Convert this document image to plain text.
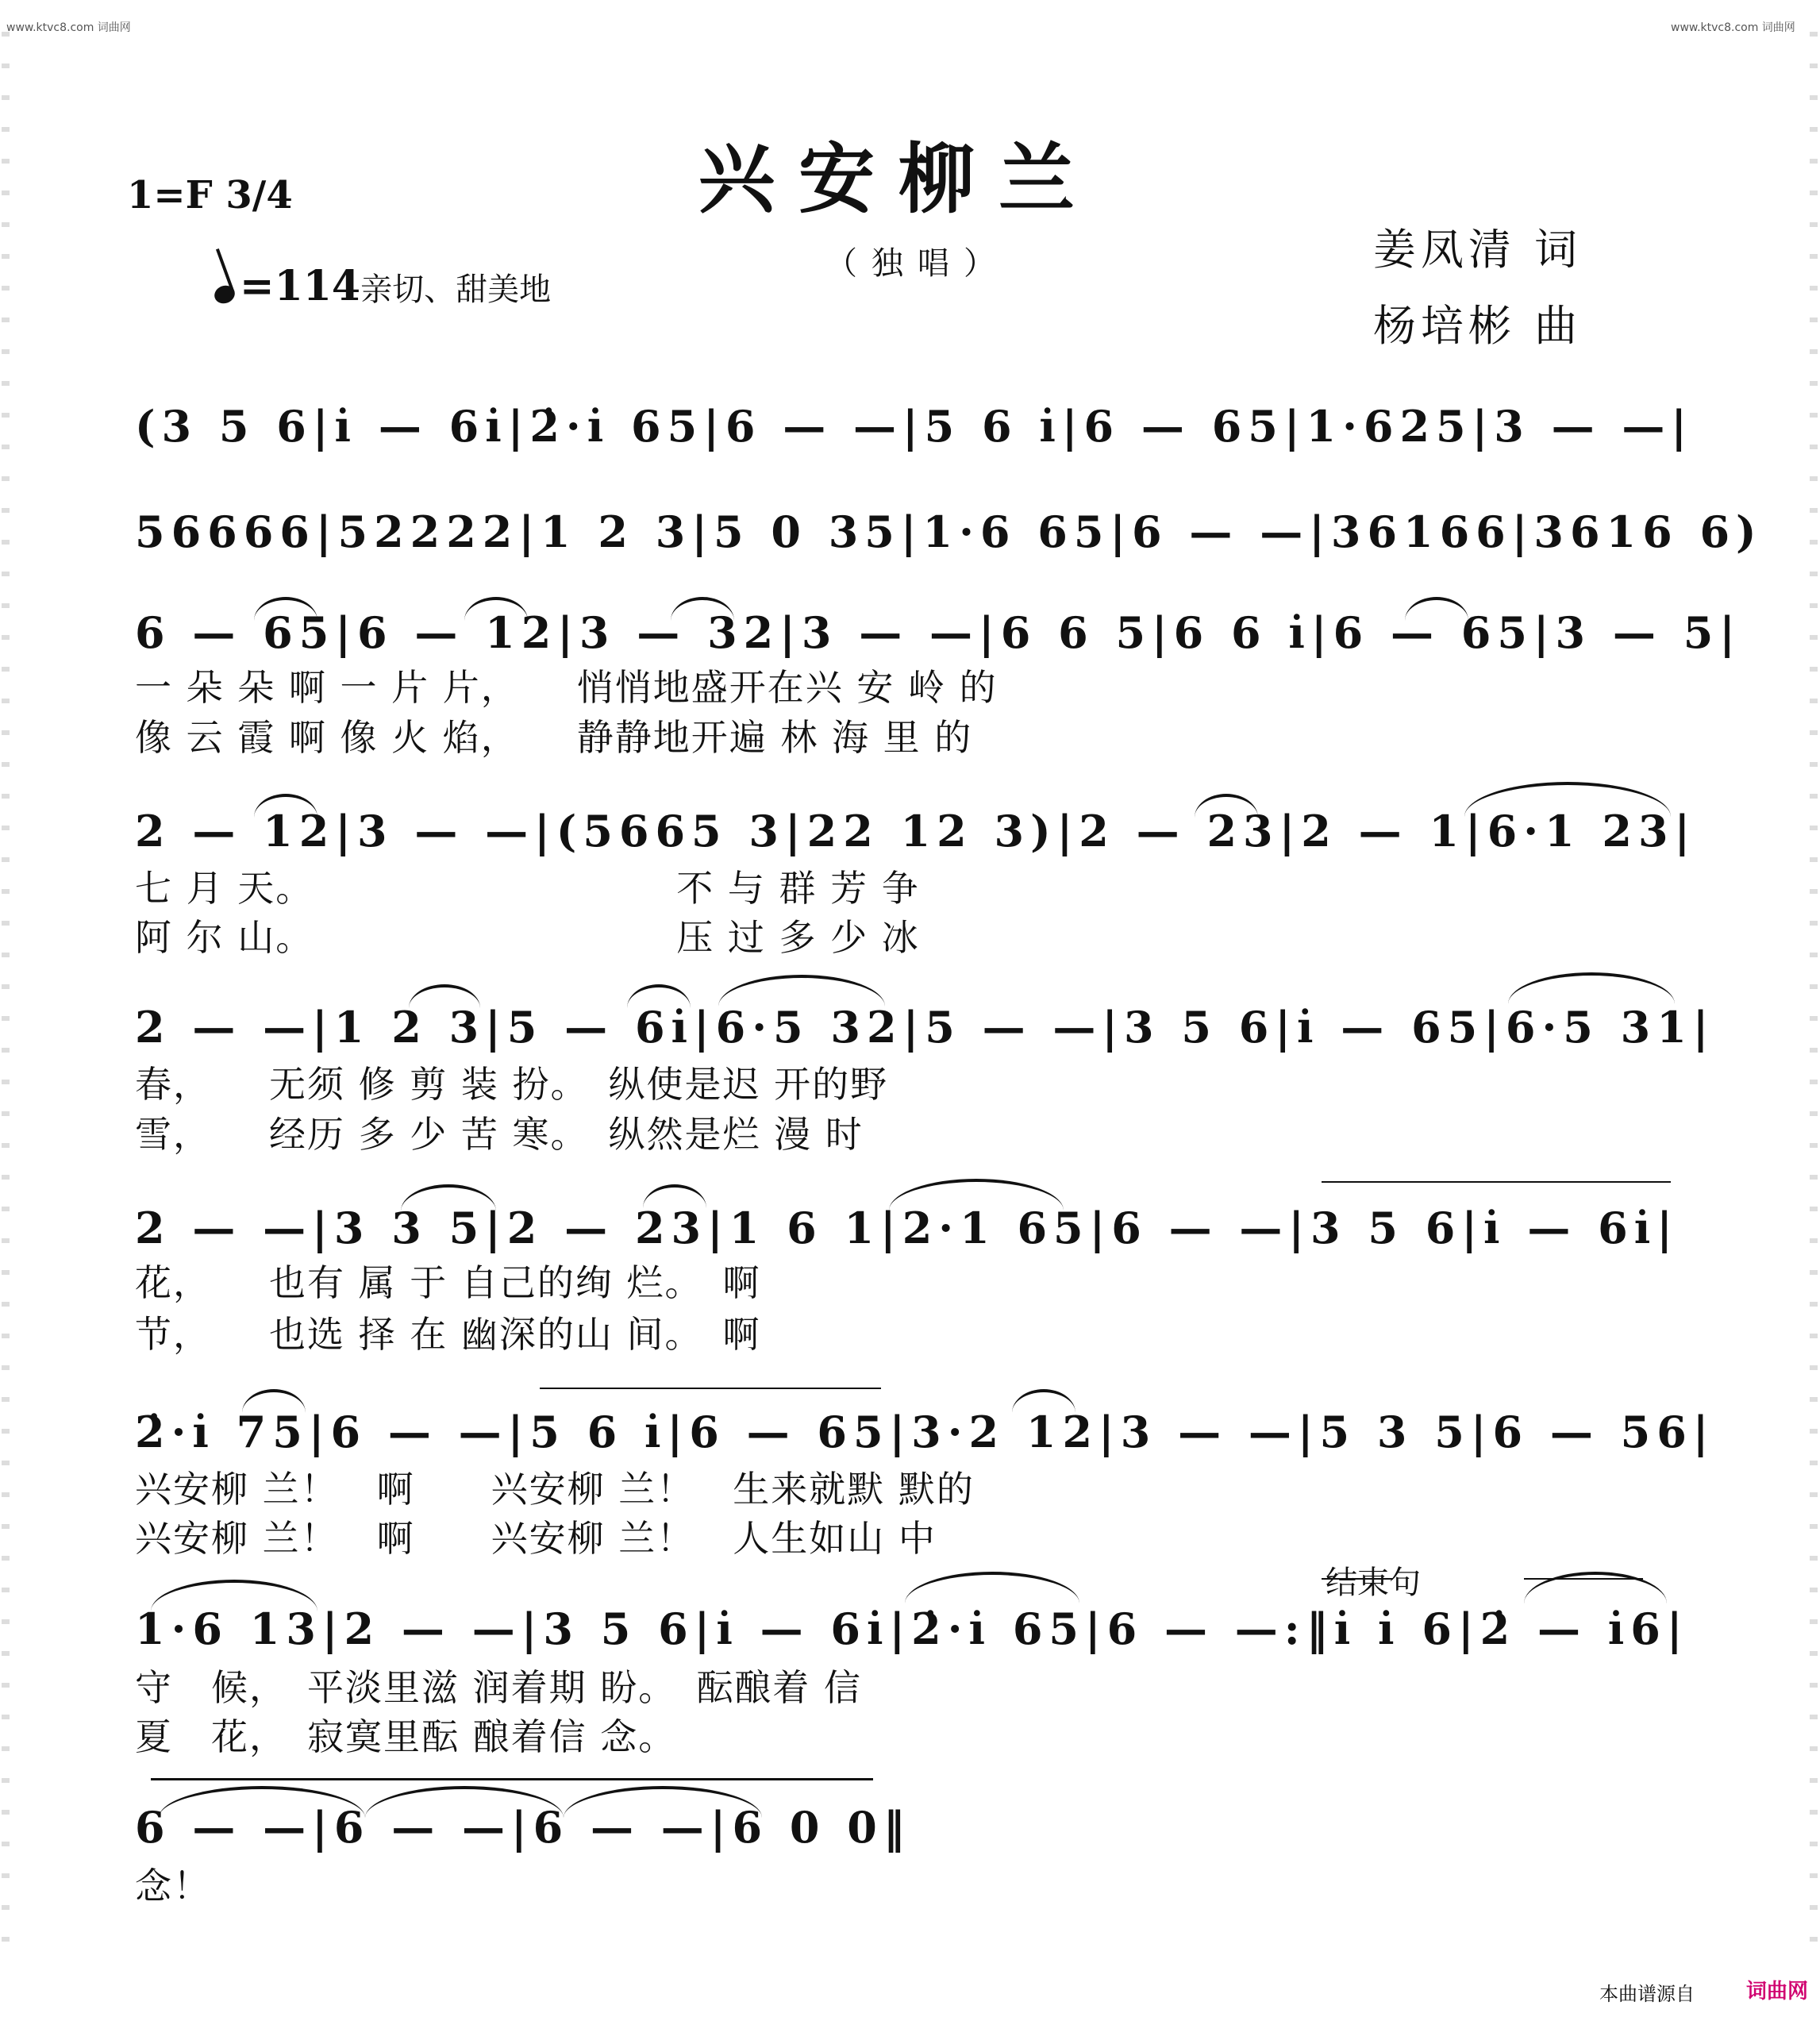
www.ktvc8.com 词曲网	www.ktvc8.com 词曲网
兴安柳兰
（独唱）
1=F 3/4
=114亲切、甜美地
姜凤清 词
杨培彬 曲
(3 5 6|i̇ — 6i̇|2̇·i̇ 65|6 — —|5 6 i̇|6 — 65|1·625|3 — —|
56666|52222|1 2 3|5 0 35|1·6 65|6 — —|36166|3616 6)
6 — 65|6 — 12|3 — 32|3 — —|6 6 5|6 6 i̇|6 — 65|3 — 5|
一 朵 朵 啊 一 片 片，　　悄悄地盛开在兴 安 岭 的
像 云 霞 啊 像 火 焰，　　静静地开遍 林 海 里 的
2 — 12|3 — —|(5665 3|22 12 3)|2 — 23|2 — 1|6·1 23|
七 月 天。　　　　　　　　　　不 与 群 芳 争
阿 尔 山。　　　　　　　　　　压 过 多 少 冰
2 — —|1 2 3|5 — 6i̇|6·5 32|5 — —|3 5 6|i̇ — 65|6·5 31|
春，　　无须 修 剪 装 扮。　纵使是迟 开的野
雪，　　经历 多 少 苦 寒。　纵然是烂 漫 时
2 — —|3 3 5|2 — 23|1 6 1|2·1 65|6 — —|3 5 6|i̇ — 6i̇|
花，　　也有 属 于 自己的绚 烂。　啊
节，　　也选 择 在 幽深的山 间。　啊
2̇·i̇ 75|6 — —|5 6 i̇|6 — 65|3·2 12|3 — —|5 3 5|6 — 56|
兴安柳 兰！　啊　　兴安柳 兰！　生来就默 默的
兴安柳 兰！　啊　　兴安柳 兰！　人生如山 中
结束句
1·6 13|2 — —|3 5 6|i̇ — 6i̇|2̇·i̇ 65|6 — —:‖i̇ i̇ 6|2̇ — i̇6|
守　候，　平淡里滋 润着期 盼。　酝酿着 信
夏　花，　寂寞里酝 酿着信 念。
6 — —|6 — —|6 — —|6 0 0‖
念！
本曲谱源自	词曲网
